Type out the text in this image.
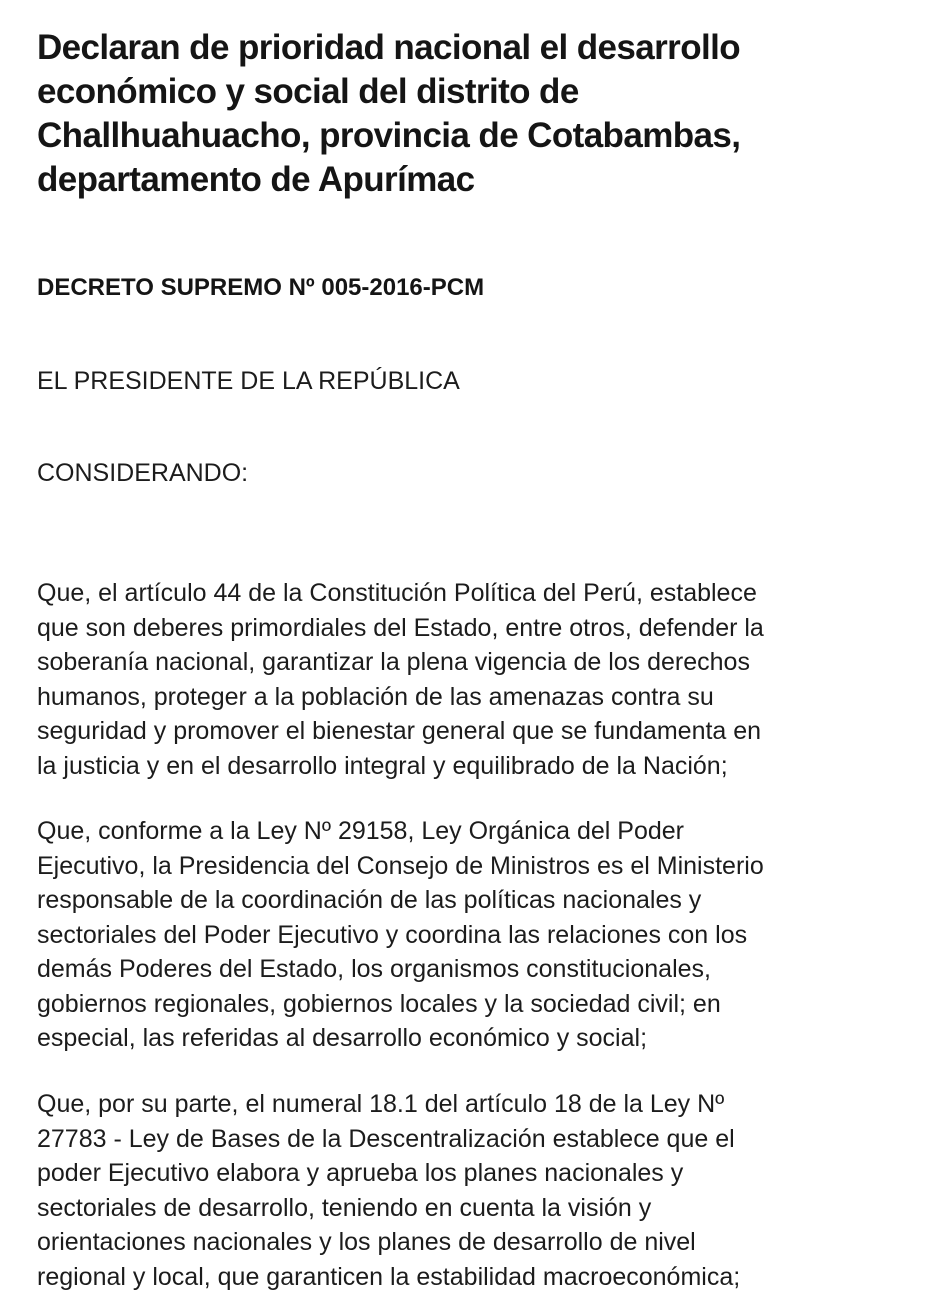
Declaran de prioridad nacional el desarrollo
económico y social del distrito de
Challhuahuacho, provincia de Cotabambas,
departamento de Apurímac

DECRETO SUPREMO Nº 005-2016-PCM

EL PRESIDENTE DE LA REPÚBLICA

CONSIDERANDO:

Que, el artículo 44 de la Constitución Política del Perú, establece
que son deberes primordiales del Estado, entre otros, defender la
soberanía nacional, garantizar la plena vigencia de los derechos
humanos, proteger a la población de las amenazas contra su
seguridad y promover el bienestar general que se fundamenta en
la justicia y en el desarrollo integral y equilibrado de la Nación;
Que, conforme a la Ley Nº 29158, Ley Orgánica del Poder
Ejecutivo, la Presidencia del Consejo de Ministros es el Ministerio
responsable de la coordinación de las políticas nacionales y
sectoriales del Poder Ejecutivo y coordina las relaciones con los
demás Poderes del Estado, los organismos constitucionales,
gobiernos regionales, gobiernos locales y la sociedad civil; en
especial, las referidas al desarrollo económico y social;
Que, por su parte, el numeral 18.1 del artículo 18 de la Ley Nº
27783 - Ley de Bases de la Descentralización establece que el
poder Ejecutivo elabora y aprueba los planes nacionales y
sectoriales de desarrollo, teniendo en cuenta la visión y
orientaciones nacionales y los planes de desarrollo de nivel
regional y local, que garanticen la estabilidad macroeconómica;
